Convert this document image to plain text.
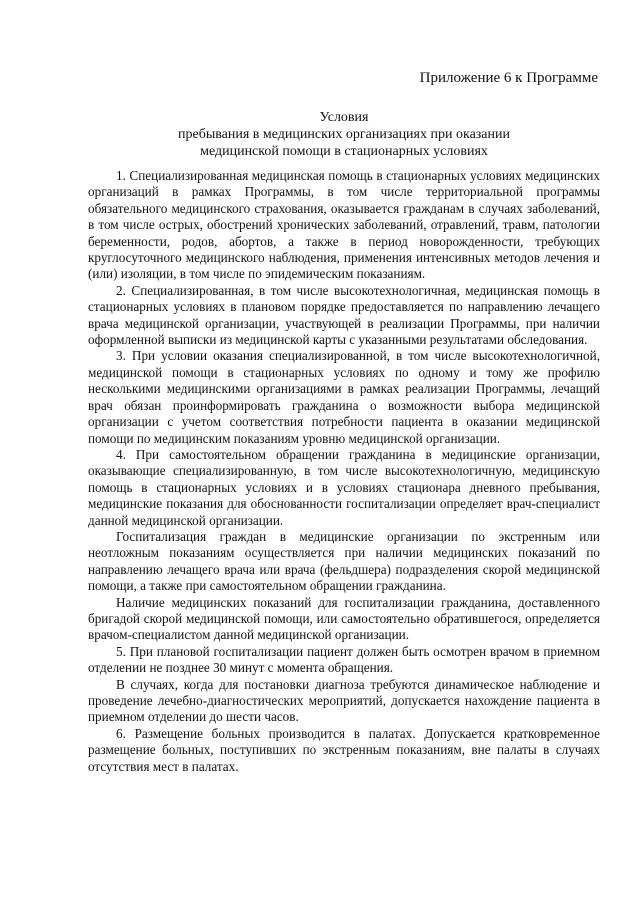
Приложение 6 к Программе
Условия
пребывания в медицинских организациях при оказании
медицинской помощи в стационарных условиях

1. Специализированная медицинская помощь в стационарных условиях медицинских организаций в рамках Программы, в том числе территориальной программы обязательного медицинского страхования, оказывается гражданам в случаях заболеваний, в том числе острых, обострений хронических заболеваний, отравлений, травм, патологии беременности, родов, абортов, а также в период новорожденности, требующих круглосуточного медицинского наблюдения, применения интенсивных методов лечения и (или) изоляции, в том числе по эпидемическим показаниям.

2. Специализированная, в том числе высокотехнологичная, медицинская помощь в стационарных условиях в плановом порядке предоставляется по направлению лечащего врача медицинской организации, участвующей в реализации Программы, при наличии оформленной выписки из медицинской карты с указанными результатами обследования.

3. При условии оказания специализированной, в том числе высокотехнологичной, медицинской помощи в стационарных условиях по одному и тому же профилю несколькими медицинскими организациями в рамках реализации Программы, лечащий врач обязан проинформировать гражданина о возможности выбора медицинской организации с учетом соответствия потребности пациента в оказании медицинской помощи по медицинским показаниям уровню медицинской организации.

4. При самостоятельном обращении гражданина в медицинские организации, оказывающие специализированную, в том числе высокотехнологичную, медицинскую помощь в стационарных условиях и в условиях стационара дневного пребывания, медицинские показания для обоснованности госпитализации определяет врач-специалист данной медицинской организации.

Госпитализация граждан в медицинские организации по экстренным или неотложным показаниям осуществляется при наличии медицинских показаний по направлению лечащего врача или врача (фельдшера) подразделения скорой медицинской помощи, а также при самостоятельном обращении гражданина.

Наличие медицинских показаний для госпитализации гражданина, доставленного бригадой скорой медицинской помощи, или самостоятельно обратившегося, определяется врачом-специалистом данной медицинской организации.

5. При плановой госпитализации пациент должен быть осмотрен врачом в приемном отделении не позднее 30 минут с момента обращения.

В случаях, когда для постановки диагноза требуются динамическое наблюдение и проведение лечебно-диагностических мероприятий, допускается нахождение пациента в приемном отделении до шести часов.

6. Размещение больных производится в палатах. Допускается кратковременное размещение больных, поступивших по экстренным показаниям, вне палаты в случаях отсутствия мест в палатах.
